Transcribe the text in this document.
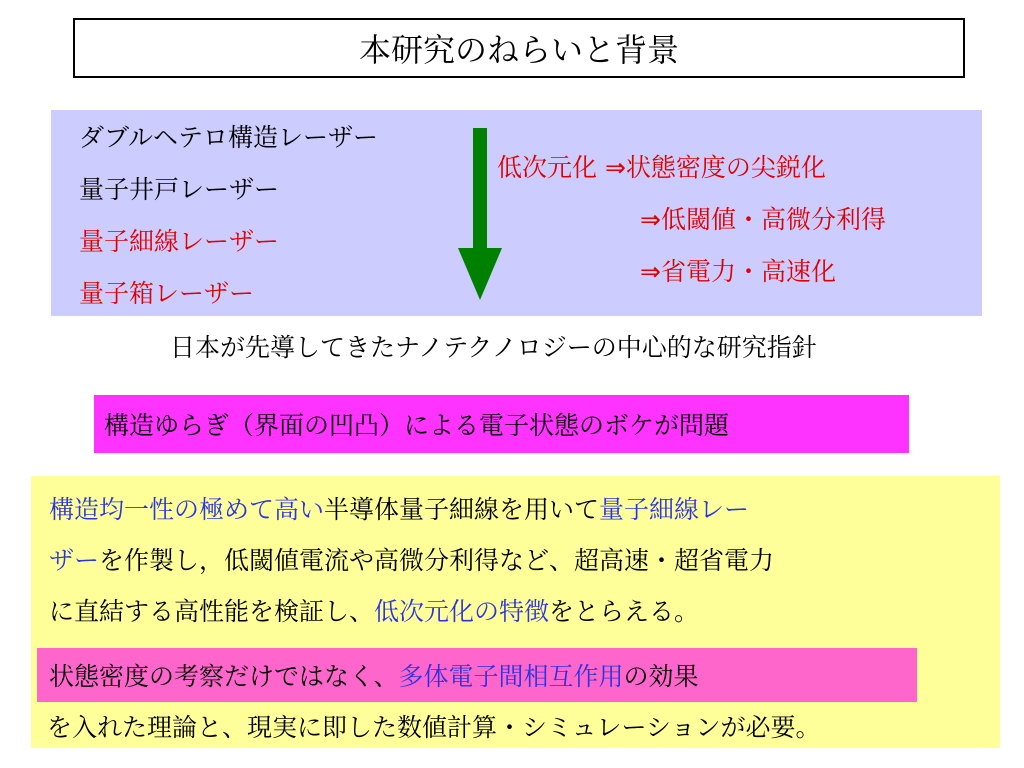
本研究のねらいと背景
ダブルヘテロ構造レーザー
量子井戸レーザー
量子細線レーザー
量子箱レーザー
低次元化 ⇒状態密度の尖鋭化
⇒低閾値・高微分利得
⇒省電力・高速化
日本が先導してきたナノテクノロジーの中心的な研究指針
構造ゆらぎ（界面の凹凸）による電子状態のボケが問題
構造均一性の極めて高い半導体量子細線を用いて量子細線レー
ザーを作製し，低閾値電流や高微分利得など、超高速・超省電力
に直結する高性能を検証し、低次元化の特徴をとらえる。
状態密度の考察だけではなく、 多体電子間相互作用 の効果
を入れた理論と、現実に即した数値計算・シミュレーションが必要。
